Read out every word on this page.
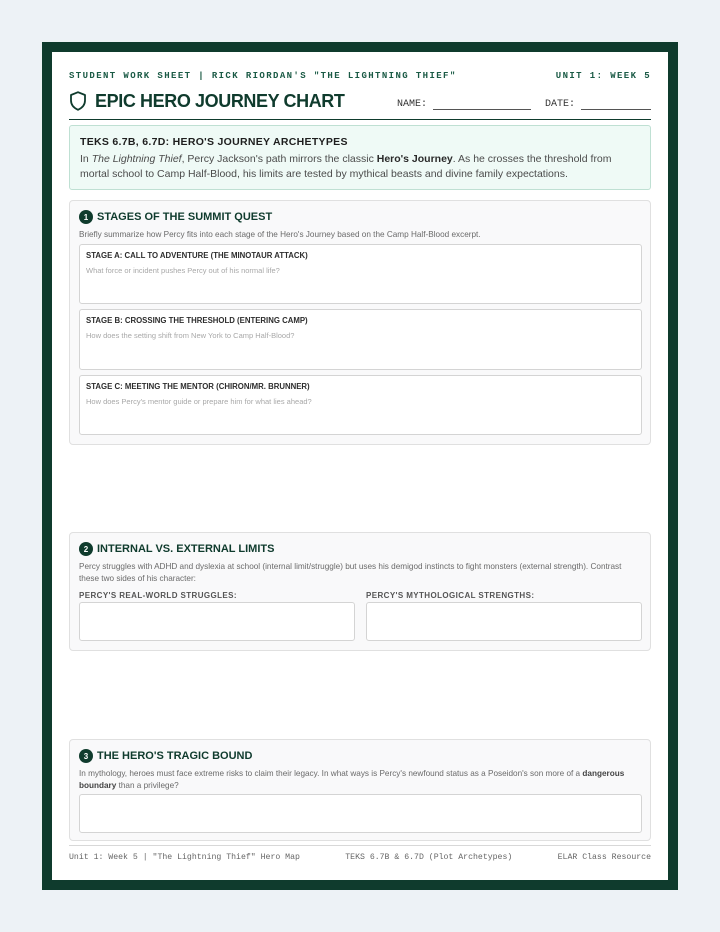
STUDENT WORK SHEET | RICK RIORDAN'S "THE LIGHTNING THIEF"	UNIT 1: WEEK 5
EPIC HERO JOURNEY CHART	NAME:	DATE:
TEKS 6.7B, 6.7D: HERO'S JOURNEY ARCHETYPES

In The Lightning Thief, Percy Jackson's path mirrors the classic Hero's Journey. As he crosses the threshold from mortal school to Camp Half-Blood, his limits are tested by mythical beasts and divine family expectations.

1 STAGES OF THE SUMMIT QUEST
Briefly summarize how Percy fits into each stage of the Hero's Journey based on the Camp Half-Blood excerpt.
STAGE A: CALL TO ADVENTURE (THE MINOTAUR ATTACK)
What force or incident pushes Percy out of his normal life?
STAGE B: CROSSING THE THRESHOLD (ENTERING CAMP)
How does the setting shift from New York to Camp Half-Blood?
STAGE C: MEETING THE MENTOR (CHIRON/MR. BRUNNER)
How does Percy's mentor guide or prepare him for what lies ahead?
2 INTERNAL VS. EXTERNAL LIMITS
Percy struggles with ADHD and dyslexia at school (internal limit/struggle) but uses his demigod instincts to fight monsters (external strength). Contrast these two sides of his character:
PERCY'S REAL-WORLD STRUGGLES:	PERCY'S MYTHOLOGICAL STRENGTHS:
3 THE HERO'S TRAGIC BOUND
In mythology, heroes must face extreme risks to claim their legacy. In what ways is Percy's newfound status as a Poseidon's son more of a dangerous boundary than a privilege?
Unit 1: Week 5 | "The Lightning Thief" Hero Map	TEKS 6.7B & 6.7D (Plot Archetypes)	ELAR Class Resource
